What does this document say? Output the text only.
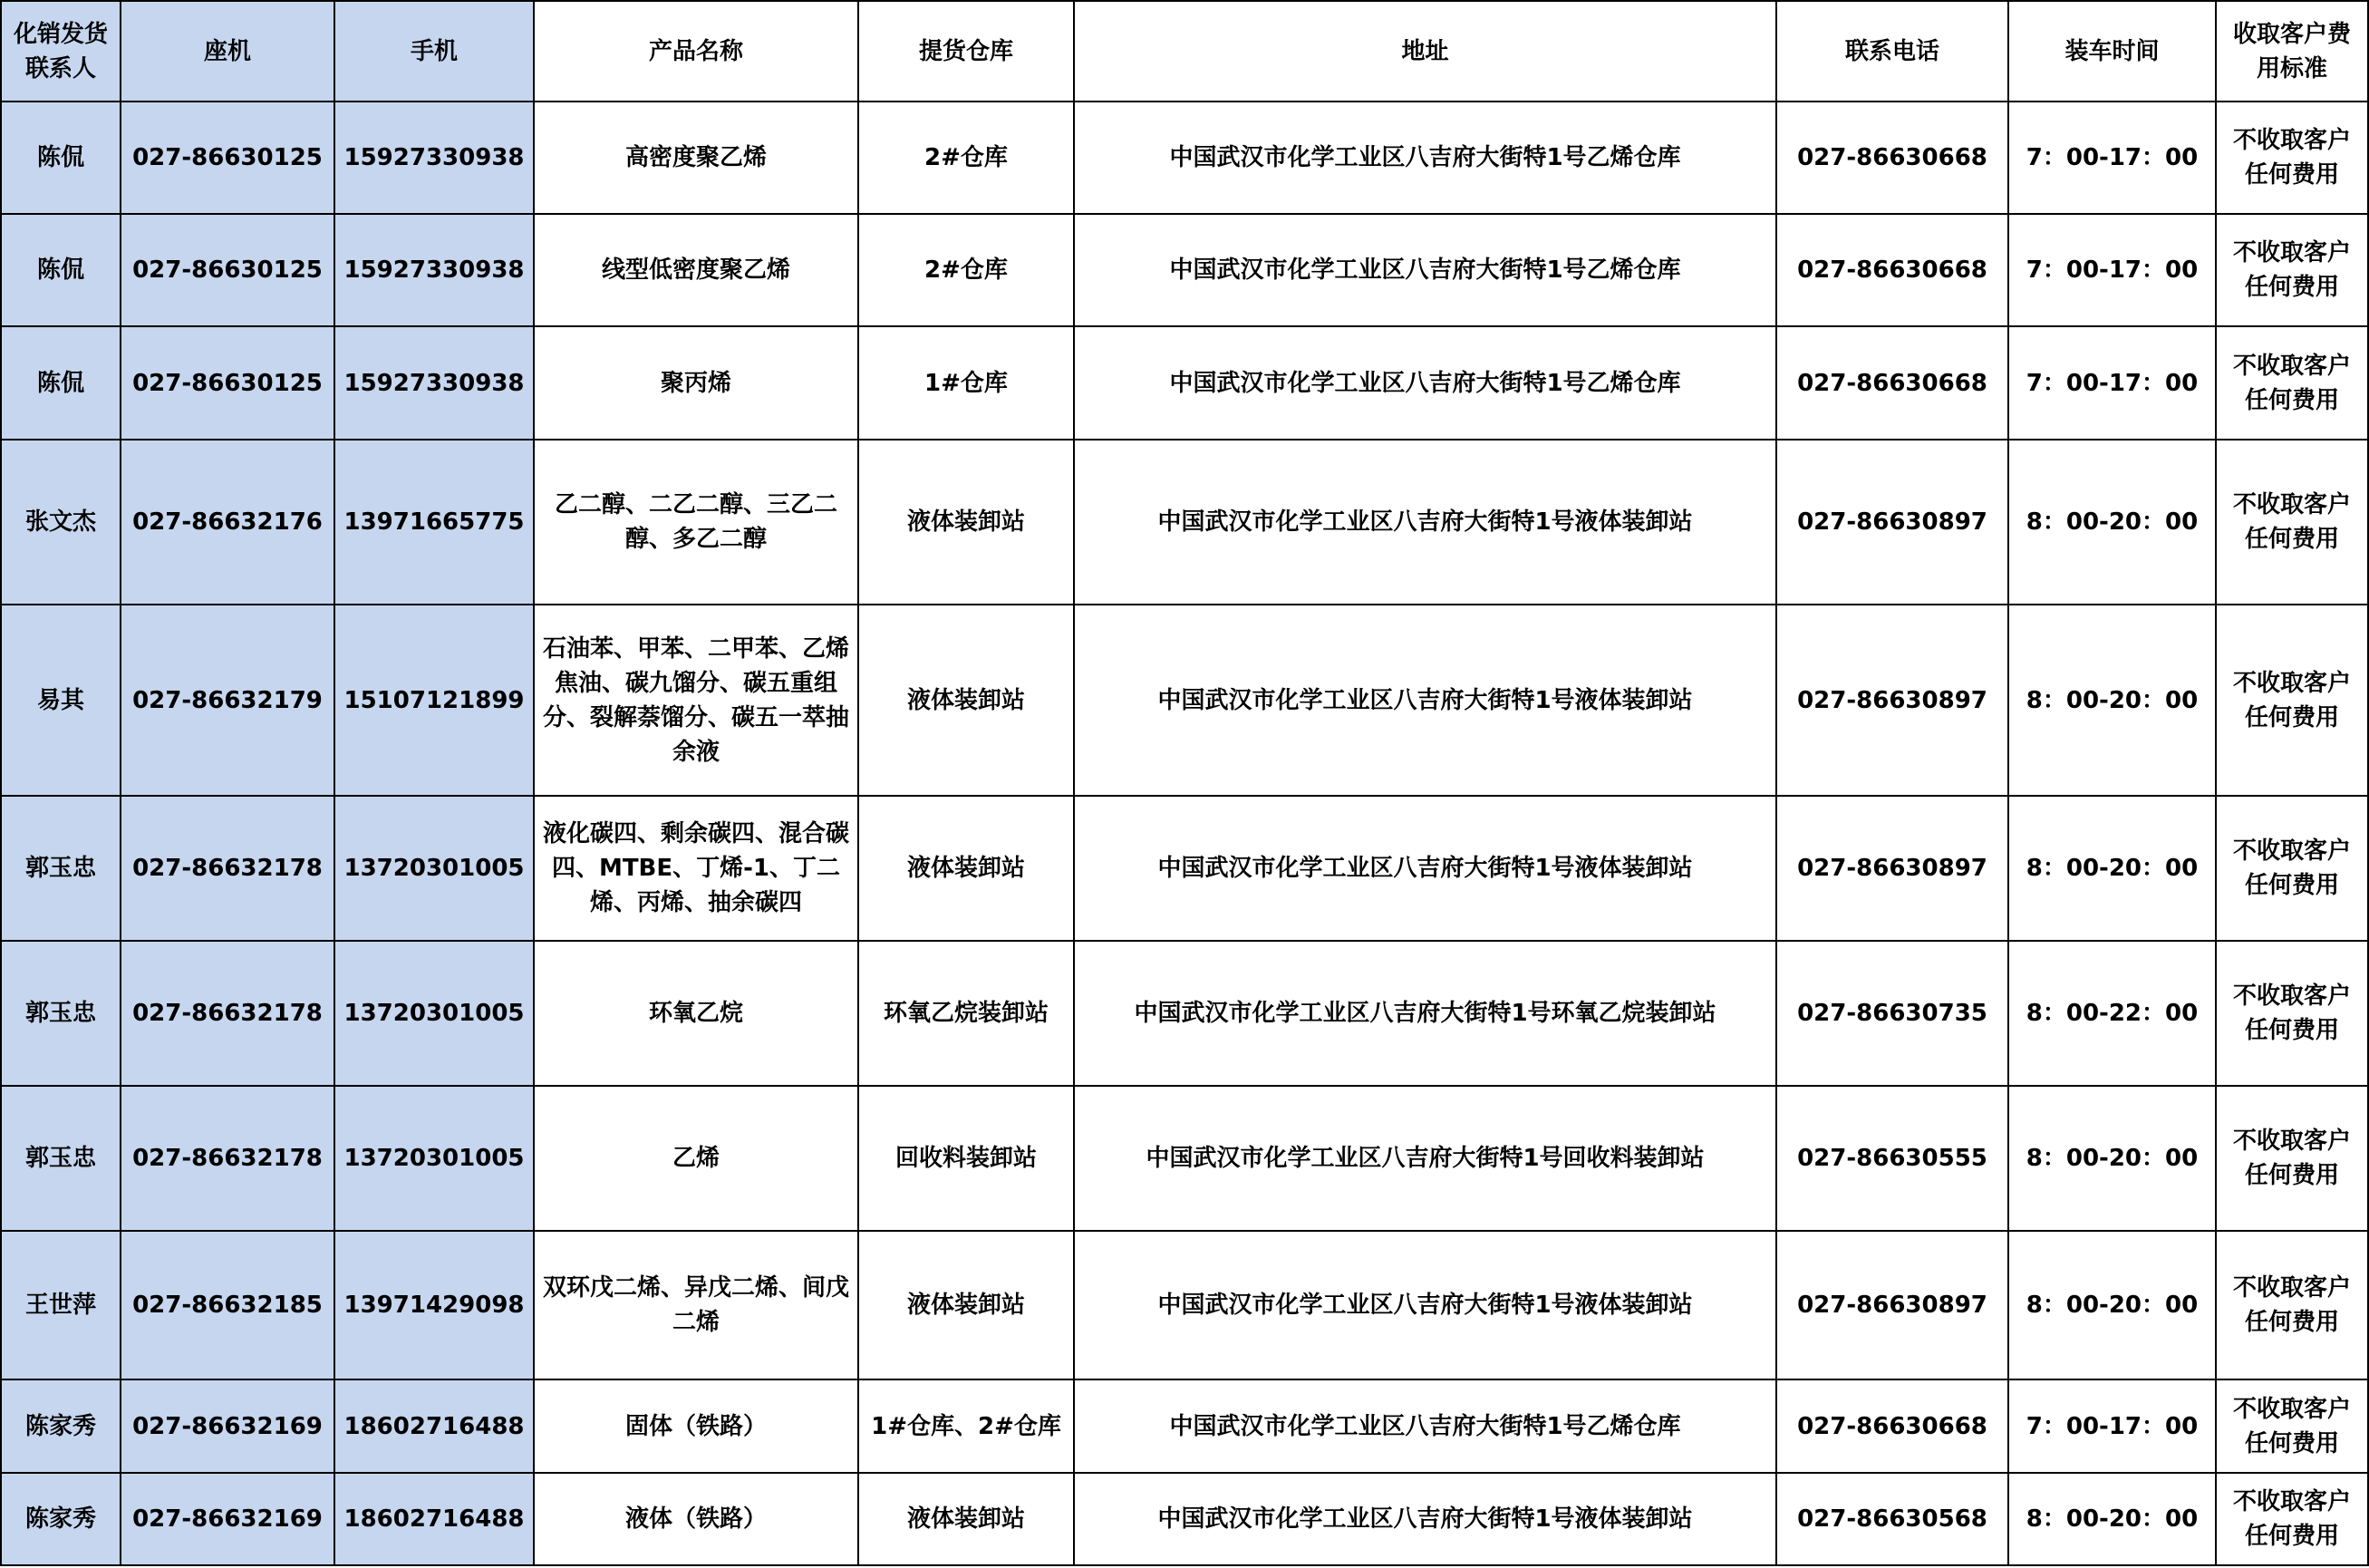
化销发货联系人	座机	手机	产品名称	提货仓库	地址	联系电话	装车时间	收取客户费用标准
陈侃	027-86630125	15927330938	高密度聚乙烯	2#仓库	中国武汉市化学工业区八吉府大街特1号乙烯仓库	027-86630668	7：00-17：00	不收取客户任何费用
陈侃	027-86630125	15927330938	线型低密度聚乙烯	2#仓库	中国武汉市化学工业区八吉府大街特1号乙烯仓库	027-86630668	7：00-17：00	不收取客户任何费用
陈侃	027-86630125	15927330938	聚丙烯	1#仓库	中国武汉市化学工业区八吉府大街特1号乙烯仓库	027-86630668	7：00-17：00	不收取客户任何费用
张文杰	027-86632176	13971665775	乙二醇、二乙二醇、三乙二醇、多乙二醇	液体装卸站	中国武汉市化学工业区八吉府大街特1号液体装卸站	027-86630897	8：00-20：00	不收取客户任何费用
易其	027-86632179	15107121899	石油苯、甲苯、二甲苯、乙烯焦油、碳九馏分、碳五重组分、裂解萘馏分、碳五一萃抽余液	液体装卸站	中国武汉市化学工业区八吉府大街特1号液体装卸站	027-86630897	8：00-20：00	不收取客户任何费用
郭玉忠	027-86632178	13720301005	液化碳四、剩余碳四、混合碳四、MTBE、丁烯-1、丁二烯、丙烯、抽余碳四	液体装卸站	中国武汉市化学工业区八吉府大街特1号液体装卸站	027-86630897	8：00-20：00	不收取客户任何费用
郭玉忠	027-86632178	13720301005	环氧乙烷	环氧乙烷装卸站	中国武汉市化学工业区八吉府大街特1号环氧乙烷装卸站	027-86630735	8：00-22：00	不收取客户任何费用
郭玉忠	027-86632178	13720301005	乙烯	回收料装卸站	中国武汉市化学工业区八吉府大街特1号回收料装卸站	027-86630555	8：00-20：00	不收取客户任何费用
王世萍	027-86632185	13971429098	双环戊二烯、异戊二烯、间戊二烯	液体装卸站	中国武汉市化学工业区八吉府大街特1号液体装卸站	027-86630897	8：00-20：00	不收取客户任何费用
陈家秀	027-86632169	18602716488	固体（铁路）	1#仓库、2#仓库	中国武汉市化学工业区八吉府大街特1号乙烯仓库	027-86630668	7：00-17：00	不收取客户任何费用
陈家秀	027-86632169	18602716488	液体（铁路）	液体装卸站	中国武汉市化学工业区八吉府大街特1号液体装卸站	027-86630568	8：00-20：00	不收取客户任何费用
